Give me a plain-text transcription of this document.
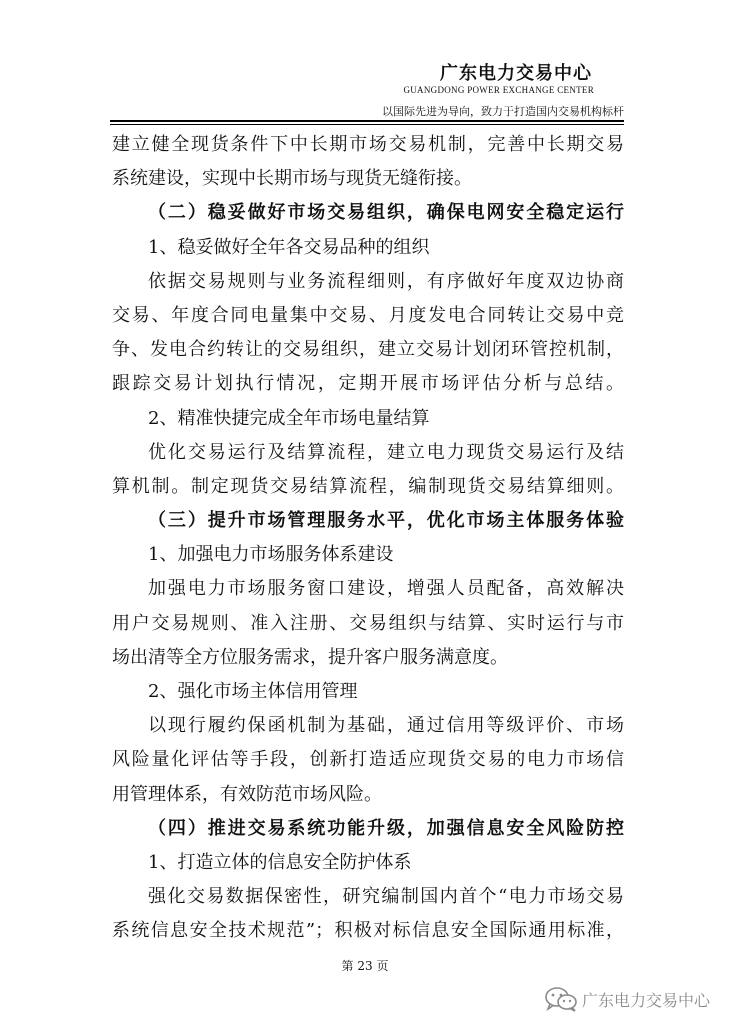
广东电力交易中心
GUANGDONG POWER EXCHANGE CENTER
以国际先进为导向，致力于打造国内交易机构标杆
建立健全现货条件下中长期市场交易机制，完善中长期交易
系统建设，实现中长期市场与现货无缝衔接。
（二）稳妥做好市场交易组织，确保电网安全稳定运行
1、稳妥做好全年各交易品种的组织
依据交易规则与业务流程细则，有序做好年度双边协商
交易、年度合同电量集中交易、月度发电合同转让交易中竞
争、发电合约转让的交易组织，建立交易计划闭环管控机制，
跟踪交易计划执行情况，定期开展市场评估分析与总结。
2、精准快捷完成全年市场电量结算
优化交易运行及结算流程，建立电力现货交易运行及结
算机制。制定现货交易结算流程，编制现货交易结算细则。
（三）提升市场管理服务水平，优化市场主体服务体验
1、加强电力市场服务体系建设
加强电力市场服务窗口建设，增强人员配备，高效解决
用户交易规则、准入注册、交易组织与结算、实时运行与市
场出清等全方位服务需求，提升客户服务满意度。
2、强化市场主体信用管理
以现行履约保函机制为基础，通过信用等级评价、市场
风险量化评估等手段，创新打造适应现货交易的电力市场信
用管理体系，有效防范市场风险。
（四）推进交易系统功能升级，加强信息安全风险防控
1、打造立体的信息安全防护体系
强化交易数据保密性，研究编制国内首个“电力市场交易
系统信息安全技术规范”；积极对标信息安全国际通用标准，
第 23 页
广东电力交易中心
